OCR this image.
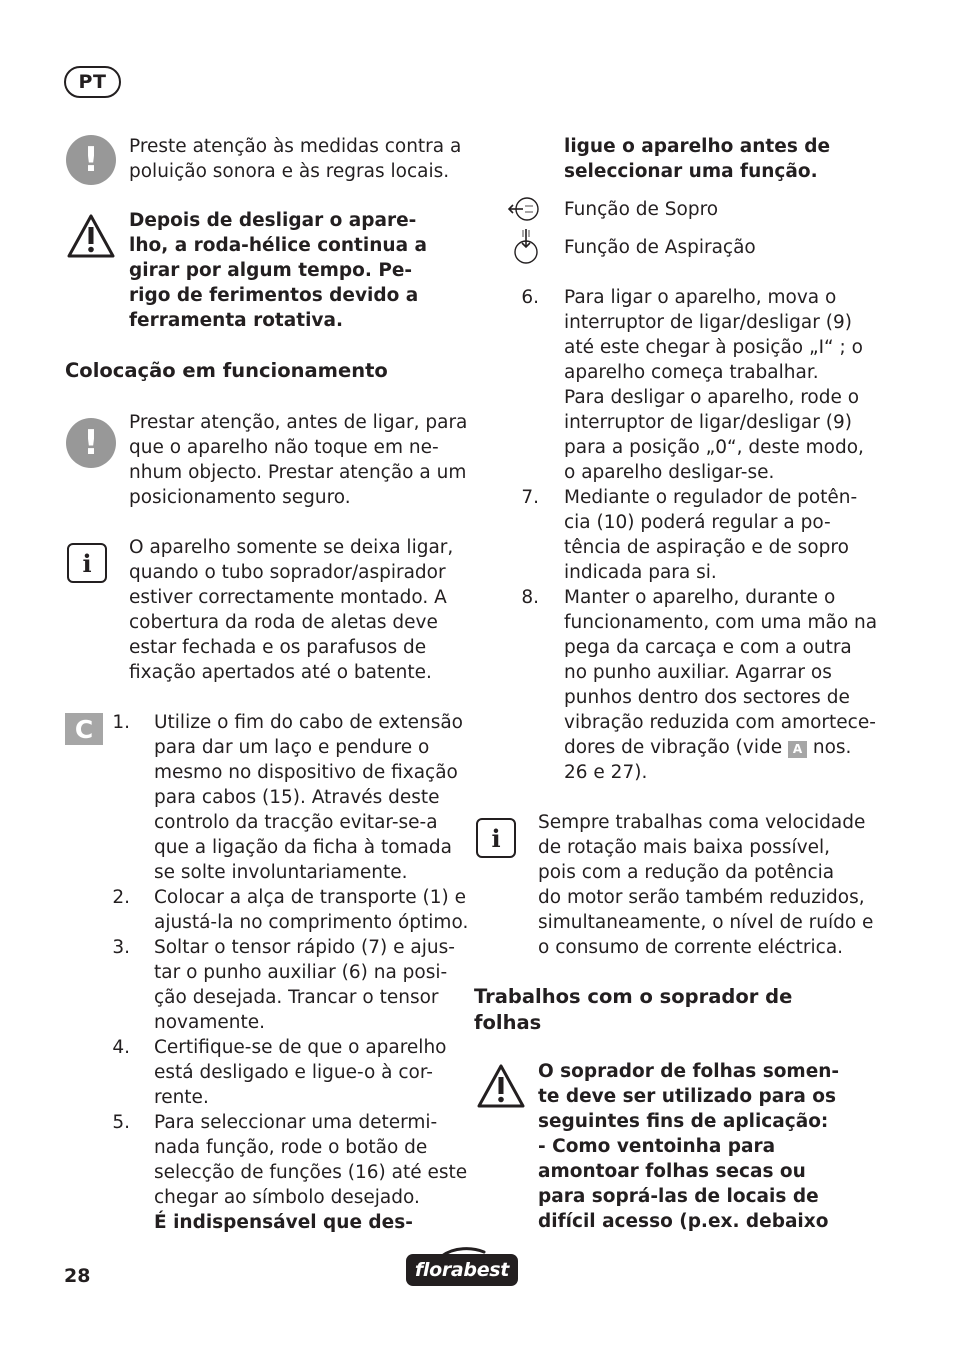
PT
!	Preste atenção às medidas contra a
poluição sonora e às regras locais.
Depois de desligar o apare-
lho, a roda-hélice continua a
girar por algum tempo. Pe-
rigo de ferimentos devido a
ferramenta rotativa.
Colocação em funcionamento
!
Prestar atenção, antes de ligar, para
que o aparelho não toque em ne-
nhum objecto. Prestar atenção a um
posicionamento seguro.
i
O aparelho somente se deixa ligar,
quando o tubo soprador/aspirador
estiver correctamente montado. A
cobertura da roda de aletas deve
estar fechada e os parafusos de
fixação apertados até o batente.
C	1. Utilize o fim do cabo de extensão
para dar um laço e pendure o
mesmo no dispositivo de fixação
para cabos (15). Através deste
controlo da tracção evitar-se-a
que a ligação da ficha à tomada
se solte involuntariamente.
2. Colocar a alça de transporte (1) e
ajustá-la no comprimento óptimo.
3. Soltar o tensor rápido (7) e ajus-
tar o punho auxiliar (6) na posi-
ção desejada. Trancar o tensor
novamente.
4. Certifique-se de que o aparelho
está desligado e ligue-o à cor-
rente.
5. Para seleccionar uma determi-
nada função, rode o botão de
selecção de funções (16) até este
chegar ao símbolo desejado.
É indispensável que des-
ligue o aparelho antes de
seleccionar uma função.
Função de Sopro
Função de Aspiração
6. Para ligar o aparelho, mova o
interruptor de ligar/desligar (9)
até este chegar à posição „I“ ; o
aparelho começa trabalhar.
Para desligar o aparelho, rode o
interruptor de ligar/desligar (9)
para a posição „0“, deste modo,
o aparelho desligar-se.
7. Mediante o regulador de potên-
cia (10) poderá regular a po-
tência de aspiração e de sopro
indicada para si.
8. Manter o aparelho, durante o
funcionamento, com uma mão na
pega da carcaça e com a outra
no punho auxiliar. Agarrar os
punhos dentro dos sectores de
vibração reduzida com amortece-
dores de vibração (vide A nos.
26 e 27).
i
Sempre trabalhas coma velocidade
de rotação mais baixa possível,
pois com a redução da potência
do motor serão também reduzidos,
simultaneamente, o nível de ruído e
o consumo de corrente eléctrica.
Trabalhos com o soprador de
folhas
O soprador de folhas somen-
te deve ser utilizado para os
seguintes fins de aplicação:
- Como ventoinha para
amontoar folhas secas ou
para soprá-las de locais de
difícil acesso (p.ex. debaixo
28	florabest
